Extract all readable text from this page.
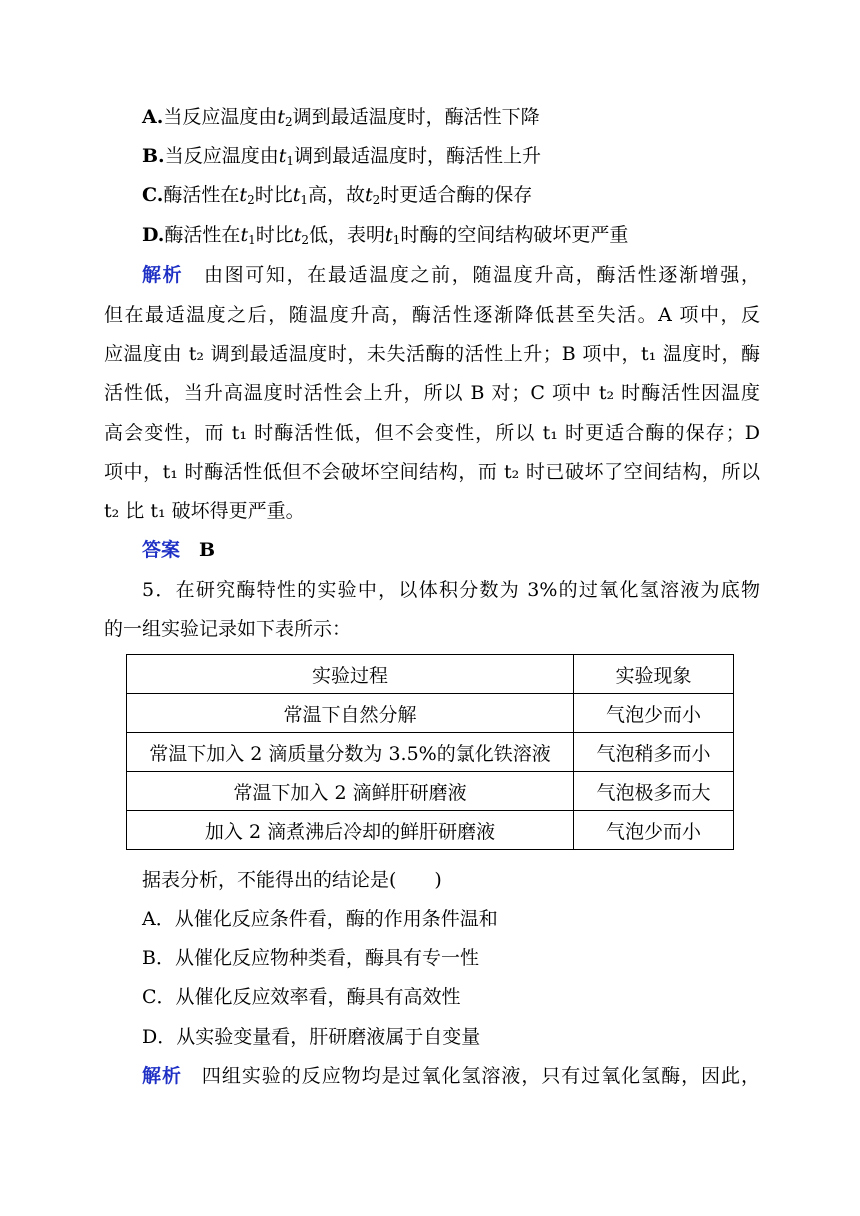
A.当反应温度由$t_2$调到最适温度时，酶活性下降
B.当反应温度由$t_1$调到最适温度时，酶活性上升
C.酶活性在$t_2$时比$t_1$高，故$t_2$时更适合酶的保存
D.酶活性在$t_1$时比$t_2$低，表明$t_1$时酶的空间结构破坏更严重
解析　 由图可知，在最适温度之前，随温度升高，酶活性逐渐增强，
但在最适温度之后，随温度升高，酶活性逐渐降低甚至失活。A 项中，反
应温度由 t₂ 调到最适温度时，未失活酶的活性上升；B 项中，t₁ 温度时，酶
活性低，当升高温度时活性会上升，所以 B 对；C 项中 t₂ 时酶活性因温度
高会变性，而 t₁ 时酶活性低，但不会变性，所以 t₁ 时更适合酶的保存；D
项中，t₁ 时酶活性低但不会破坏空间结构，而 t₂ 时已破坏了空间结构，所以
t₂ 比 t₁ 破坏得更严重。
答案　 B
5．在研究酶特性的实验中，以体积分数为 3%的过氧化氢溶液为底物
的一组实验记录如下表所示：
实验过程	实验现象
常温下自然分解	气泡少而小
常温下加入 2 滴质量分数为 3.5%的氯化铁溶液	气泡稍多而小
常温下加入 2 滴鲜肝研磨液	气泡极多而大
加入 2 滴煮沸后冷却的鲜肝研磨液	气泡少而小
据表分析，不能得出的结论是(　　)
A．从催化反应条件看，酶的作用条件温和
B．从催化反应物种类看，酶具有专一性
C．从催化反应效率看，酶具有高效性
D．从实验变量看，肝研磨液属于自变量
解析　 四组实验的反应物均是过氧化氢溶液，只有过氧化氢酶，因此，
